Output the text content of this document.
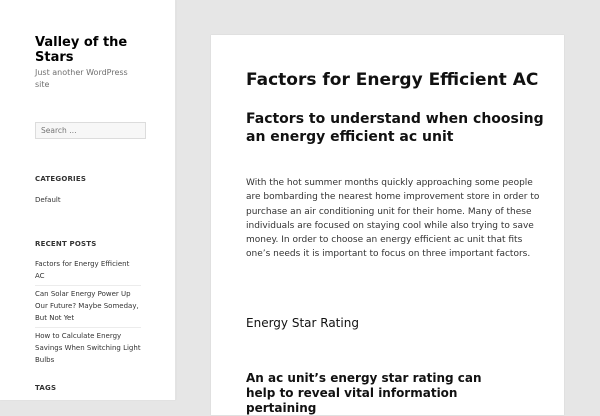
Valley of the Stars

Just another WordPress site

Search …
CATEGORIES
Default
RECENT POSTS
Factors for Energy Efficient AC
Can Solar Energy Power Up Our Future? Maybe Someday, But Not Yet
How to Calculate Energy Savings When Switching Light Bulbs
TAGS
Factors for Energy Efficient AC
Factors to understand when choosing an energy efficient ac unit

With the hot summer months quickly approaching some people are bombarding the nearest home improvement store in order to purchase an air conditioning unit for their home. Many of these individuals are focused on staying cool while also trying to save money. In order to choose an energy efficient ac unit that fits one’s needs it is important to focus on three important factors.

Energy Star Rating
An ac unit’s energy star rating can help to reveal vital information pertaining
